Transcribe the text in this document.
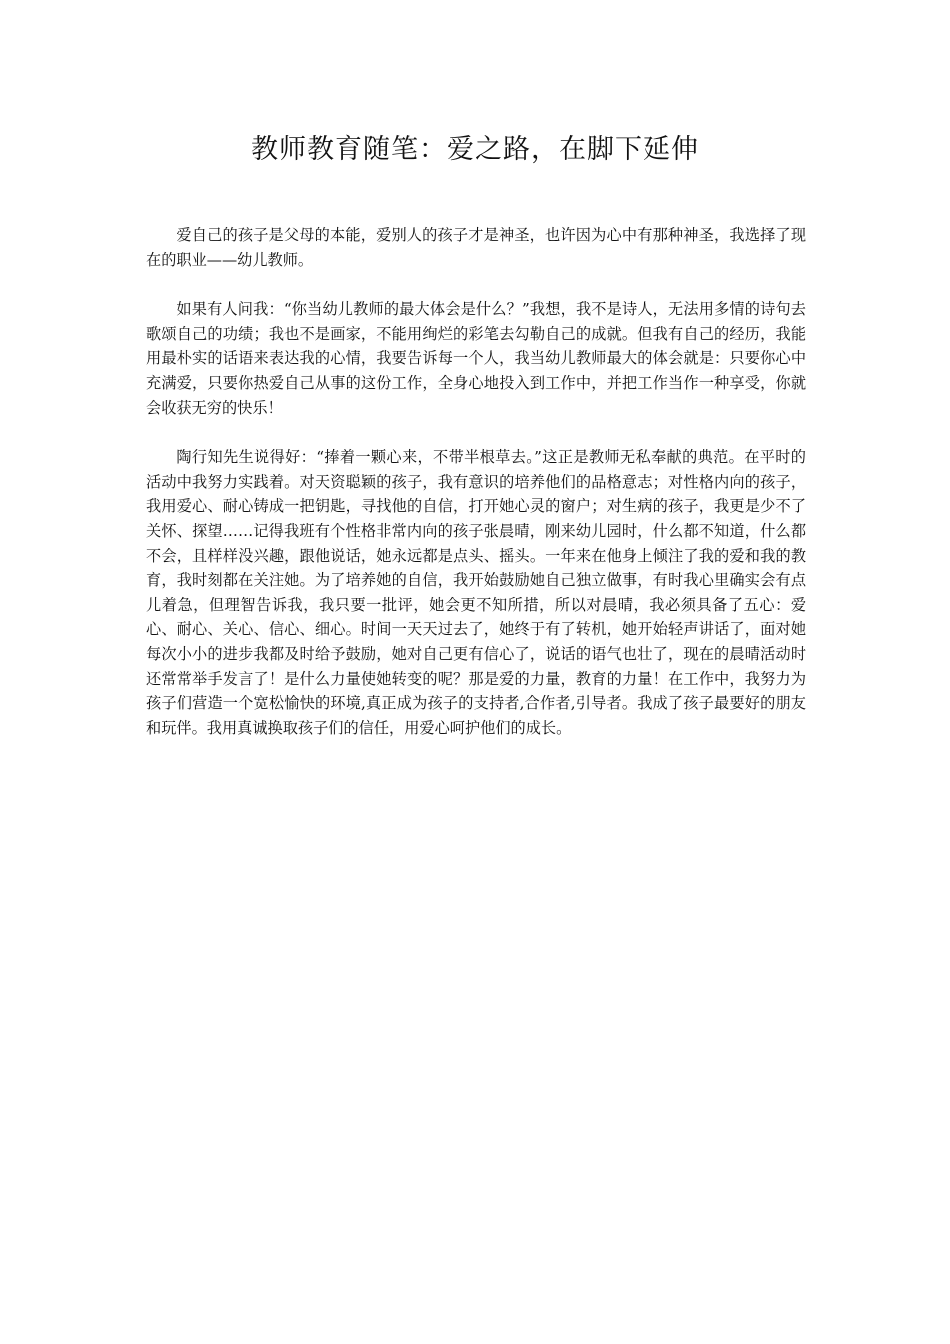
教师教育随笔：爱之路，在脚下延伸

爱自己的孩子是父母的本能，爱别人的孩子才是神圣，也许因为心中有那种神圣，我选择了现在的职业——幼儿教师。

如果有人问我：“你当幼儿教师的最大体会是什么？”我想，我不是诗人，无法用多情的诗句去歌颂自己的功绩；我也不是画家，不能用绚烂的彩笔去勾勒自己的成就。但我有自己的经历，我能用最朴实的话语来表达我的心情，我要告诉每一个人，我当幼儿教师最大的体会就是：只要你心中充满爱，只要你热爱自己从事的这份工作，全身心地投入到工作中，并把工作当作一种享受，你就会收获无穷的快乐！

陶行知先生说得好：“捧着一颗心来，不带半根草去。”这正是教师无私奉献的典范。在平时的活动中我努力实践着。对天资聪颖的孩子，我有意识的培养他们的品格意志；对性格内向的孩子，我用爱心、耐心铸成一把钥匙，寻找他的自信，打开她心灵的窗户；对生病的孩子，我更是少不了关怀、探望……记得我班有个性格非常内向的孩子张晨晴，刚来幼儿园时，什么都不知道，什么都不会，且样样没兴趣，跟他说话，她永远都是点头、摇头。一年来在他身上倾注了我的爱和我的教育，我时刻都在关注她。为了培养她的自信，我开始鼓励她自己独立做事，有时我心里确实会有点儿着急，但理智告诉我，我只要一批评，她会更不知所措，所以对晨晴，我必须具备了五心：爱心、耐心、关心、信心、细心。时间一天天过去了，她终于有了转机，她开始轻声讲话了，面对她每次小小的进步我都及时给予鼓励，她对自己更有信心了，说话的语气也壮了，现在的晨晴活动时还常常举手发言了！是什么力量使她转变的呢？那是爱的力量，教育的力量！在工作中，我努力为孩子们营造一个宽松愉快的环境,真正成为孩子的支持者,合作者,引导者。我成了孩子最要好的朋友和玩伴。我用真诚换取孩子们的信任，用爱心呵护他们的成长。
